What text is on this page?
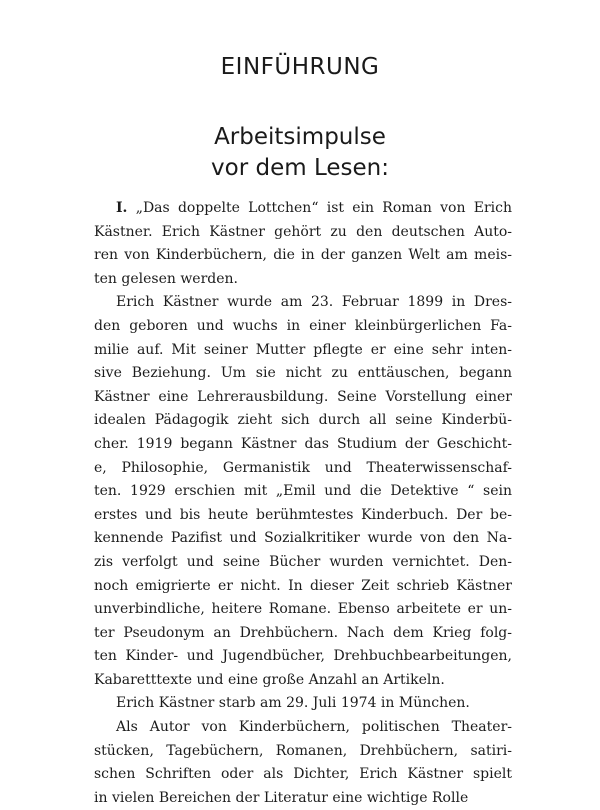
EINFÜHRUNG
Arbeitsimpulse
vor dem Lesen:
I. „Das doppelte Lottchen“ ist ein Roman von Erich
Kästner. Erich Kästner gehört zu den deutschen Auto-
ren von Kinderbüchern, die in der ganzen Welt am meis-
ten gelesen werden.
Erich Kästner wurde am 23. Februar 1899 in Dres-
den geboren und wuchs in einer kleinbürgerlichen Fa-
milie auf. Mit seiner Mutter pflegte er eine sehr inten-
sive Beziehung. Um sie nicht zu enttäuschen, begann
Kästner eine Lehrerausbildung. Seine Vorstellung einer
idealen Pädagogik zieht sich durch all seine Kinderbü-
cher. 1919 begann Kästner das Studium der Geschicht-
e, Philosophie, Germanistik und Theaterwissenschaf-
ten. 1929 erschien mit „Emil und die Detektive “ sein
erstes und bis heute berühmtestes Kinderbuch. Der be-
kennende Pazifist und Sozialkritiker wurde von den Na-
zis verfolgt und seine Bücher wurden vernichtet. Den-
noch emigrierte er nicht. In dieser Zeit schrieb Kästner
unverbindliche, heitere Romane. Ebenso arbeitete er un-
ter Pseudonym an Drehbüchern. Nach dem Krieg folg-
ten Kinder- und Jugendbücher, Drehbuchbearbeitungen,
Kabaretttexte und eine große Anzahl an Artikeln.
Erich Kästner starb am 29. Juli 1974 in München.
Als Autor von Kinderbüchern, politischen Theater-
stücken, Tagebüchern, Romanen, Drehbüchern, satiri-
schen Schriften oder als Dichter, Erich Kästner spielt
in vielen Bereichen der Literatur eine wichtige Rolle
